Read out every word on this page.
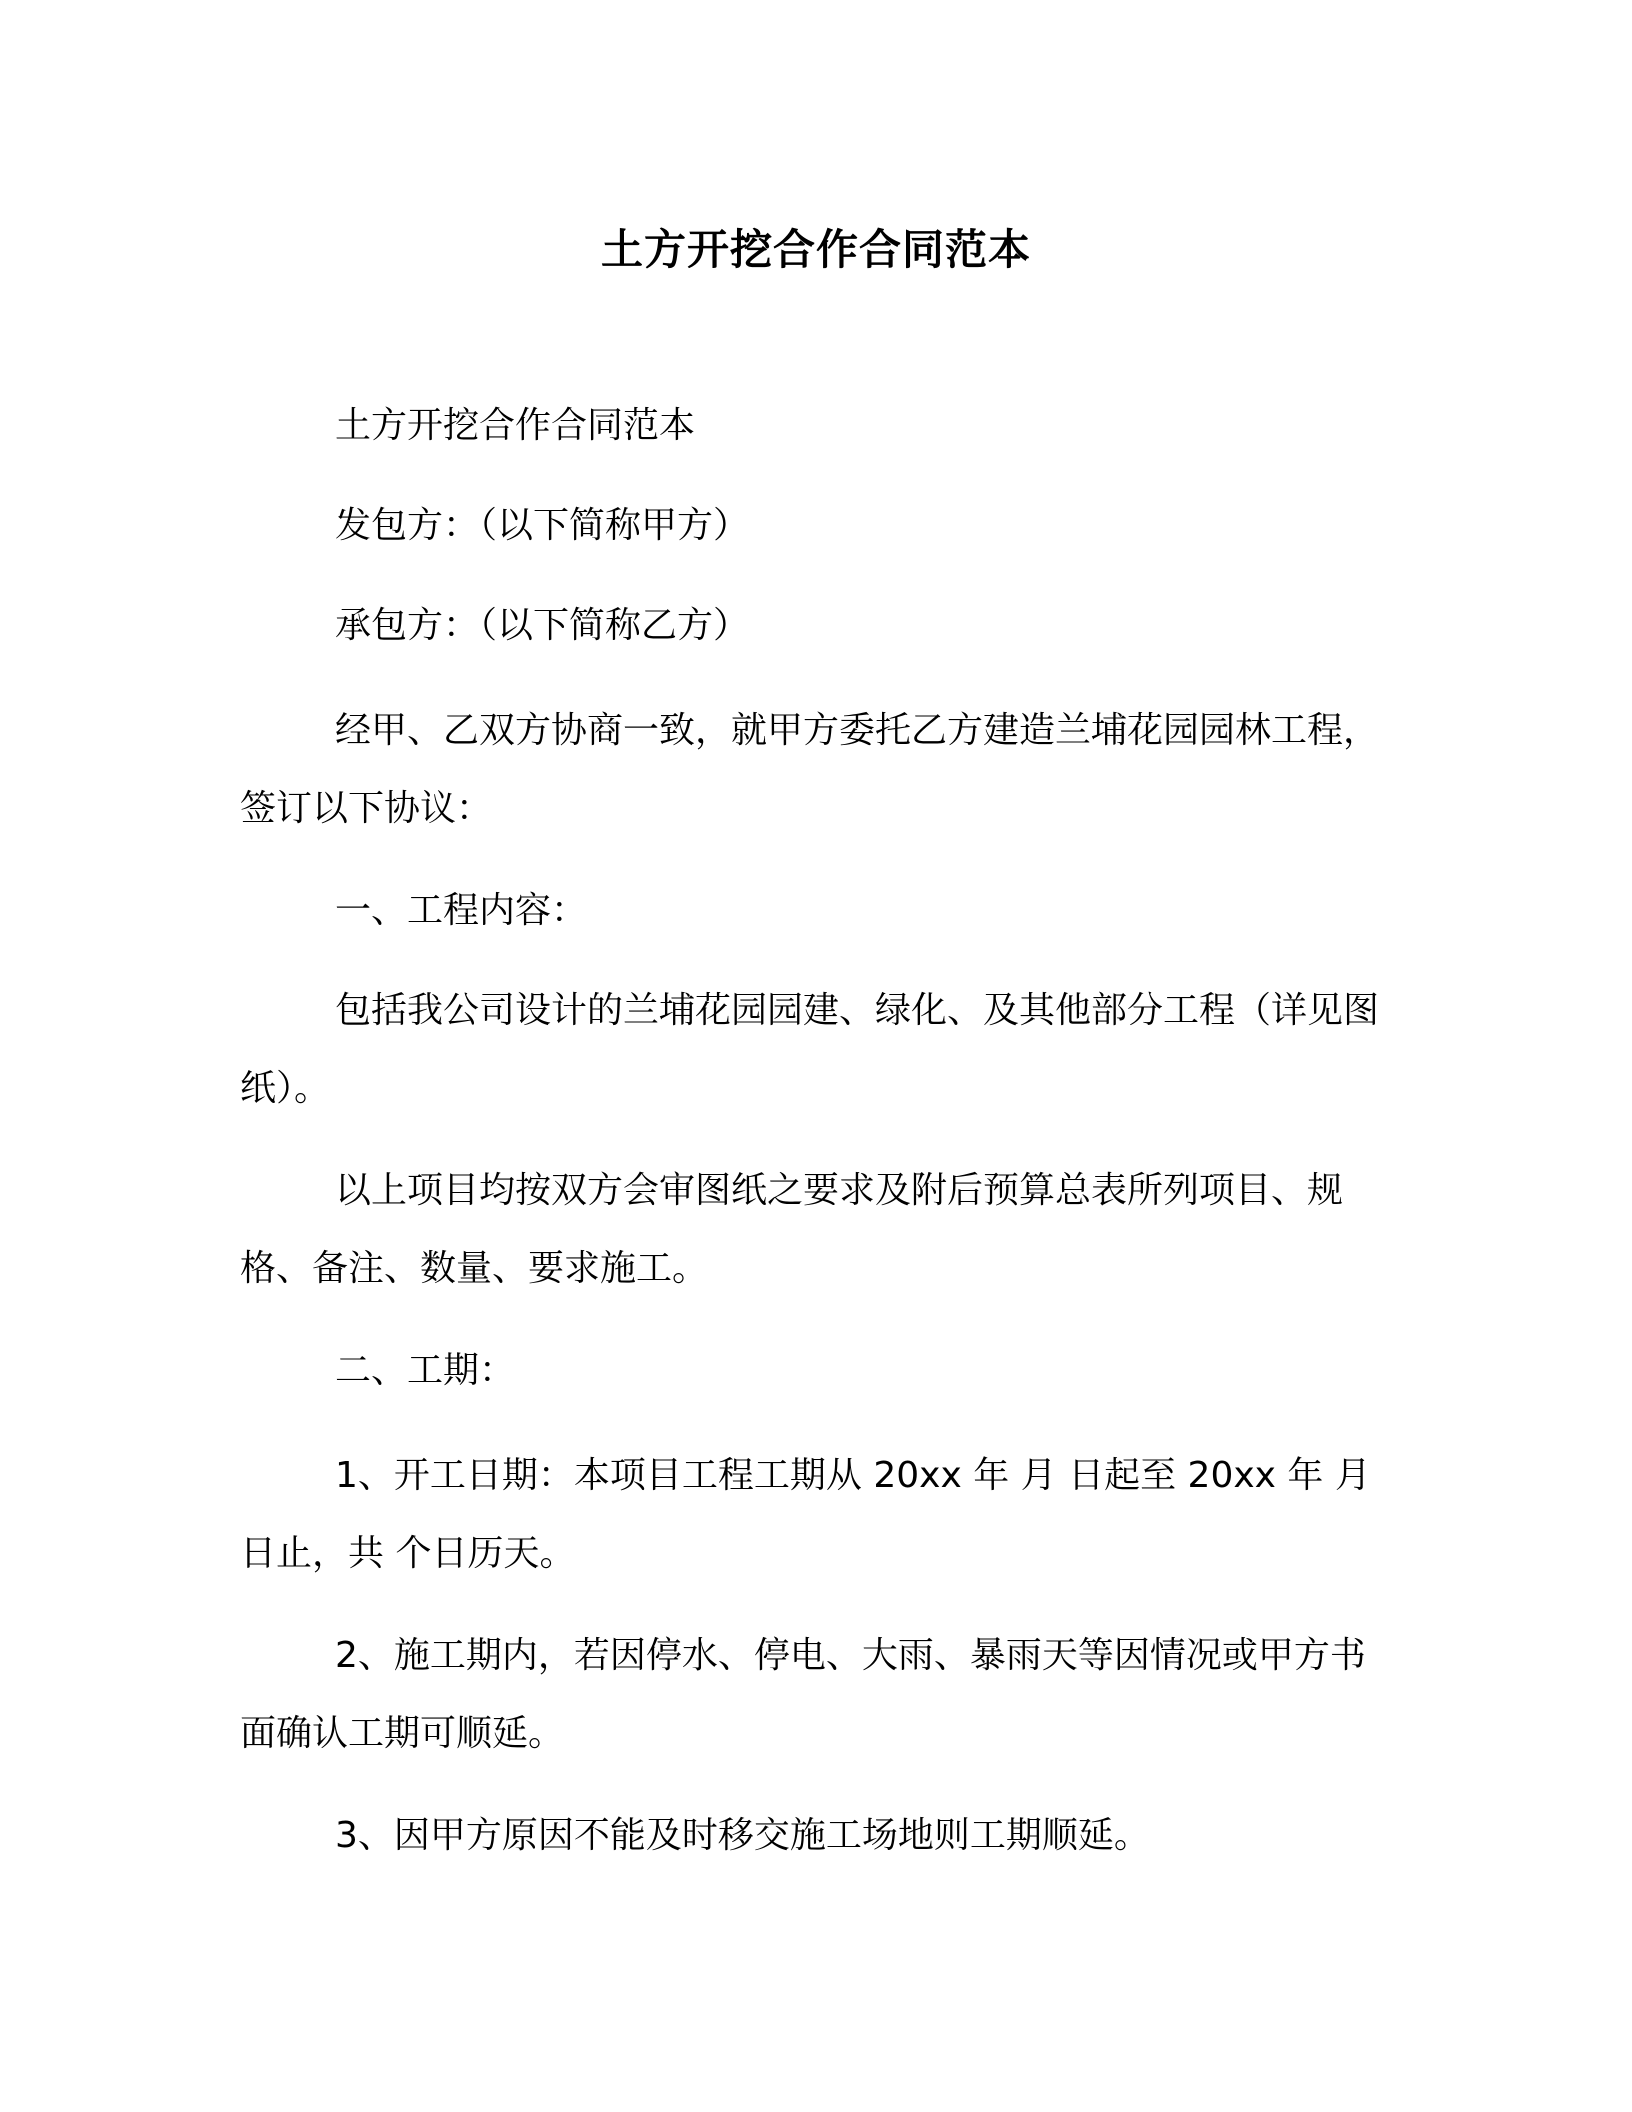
土方开挖合作合同范本

土方开挖合作合同范本

发包方：（以下简称甲方）

承包方：（以下简称乙方）

经甲、乙双方协商一致，就甲方委托乙方建造兰埔花园园林工程，签订以下协议：

一、工程内容：

包括我公司设计的兰埔花园园建、绿化、及其他部分工程（详见图纸）。

以上项目均按双方会审图纸之要求及附后预算总表所列项目、规格、备注、数量、要求施工。

二、工期：

1、开工日期：本项目工程工期从 20xx 年 月 日起至 20xx 年 月日止，共 个日历天。

2、施工期内，若因停水、停电、大雨、暴雨天等因情况或甲方书面确认工期可顺延。

3、因甲方原因不能及时移交施工场地则工期顺延。
